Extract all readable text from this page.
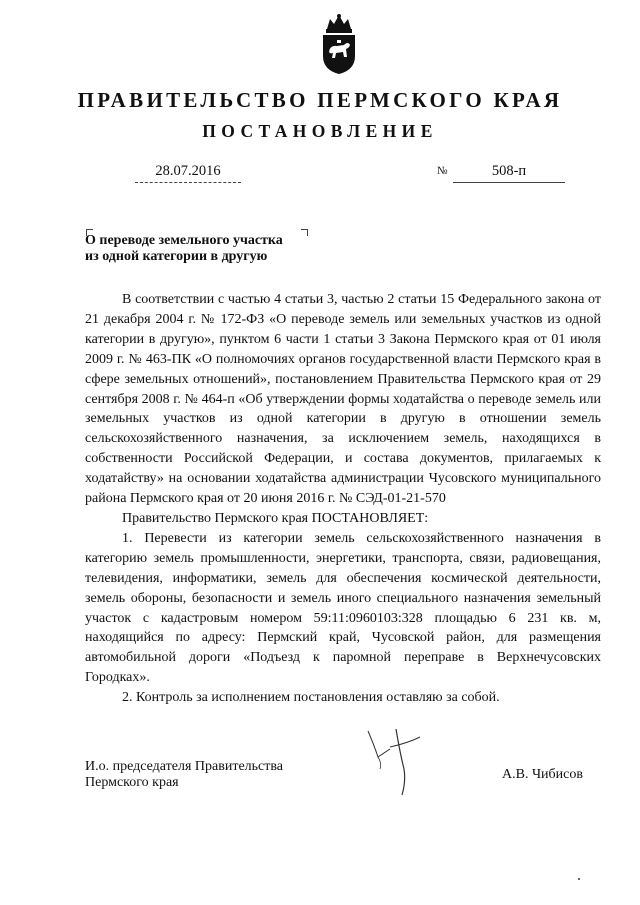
ПРАВИТЕЛЬСТВО ПЕРМСКОГО КРАЯ
ПОСТАНОВЛЕНИЕ
28.07.2016	№	508-п
О переводе земельного участка
из одной категории в другую

В соответствии с частью 4 статьи 3, частью 2 статьи 15 Федерального закона от 21 декабря 2004 г. № 172-ФЗ «О переводе земель или земельных участков из одной категории в другую», пунктом 6 части 1 статьи 3 Закона Пермского края от 01 июля 2009 г. № 463-ПК «О полномочиях органов государственной власти Пермского края в сфере земельных отношений», постановлением Правительства Пермского края от 29 сентября 2008 г. № 464-п «Об утверждении формы ходатайства о переводе земель или земельных участков из одной категории в другую в отношении земель сельскохозяйственного назначения, за исключением земель, находящихся в собственности Российской Федерации, и состава документов, прилагаемых к ходатайству» на основании ходатайства администрации Чусовского муниципального района Пермского края от 20 июня 2016 г. № СЭД-01-21-570

Правительство Пермского края ПОСТАНОВЛЯЕТ:

1. Перевести из категории земель сельскохозяйственного назначения в категорию земель промышленности, энергетики, транспорта, связи, радиовещания, телевидения, информатики, земель для обеспечения космической деятельности, земель обороны, безопасности и земель иного специального назначения земельный участок с кадастровым номером 59:11:0960103:328 площадью 6 231 кв. м, находящийся по адресу: Пермский край, Чусовской район, для размещения автомобильной дороги «Подъезд к паромной переправе в Верхнечусовских Городках».

2. Контроль за исполнением постановления оставляю за собой.

И.о. председателя Правительства
Пермского края
А.В. Чибисов
